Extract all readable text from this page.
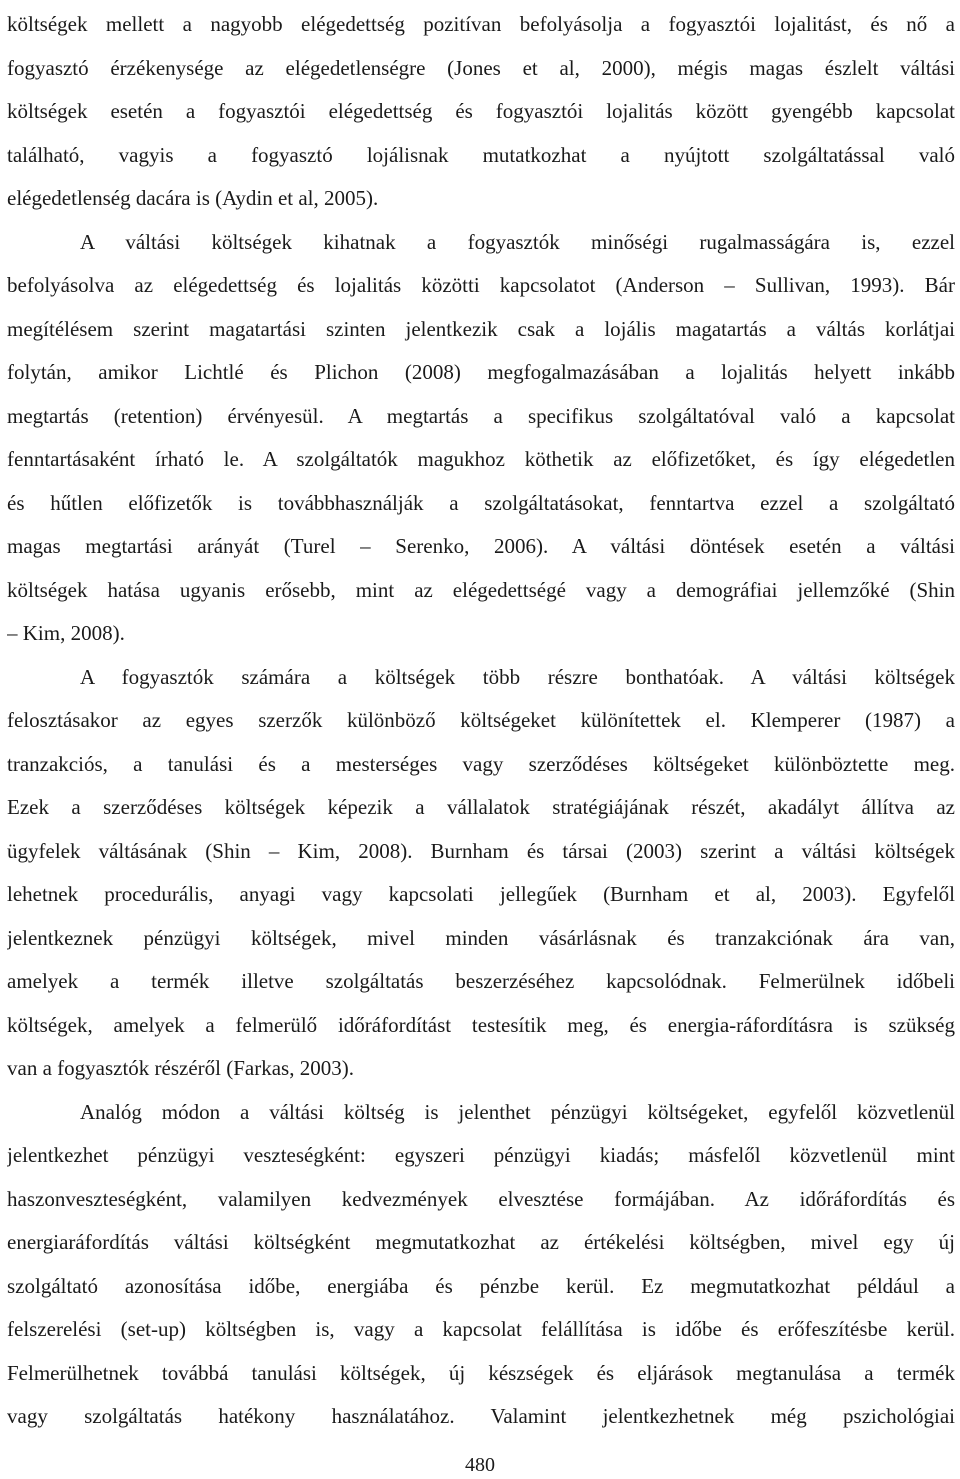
költségek mellett a nagyobb elégedettség pozitívan befolyásolja a fogyasztói lojalitást, és nő a
fogyasztó érzékenysége az elégedetlenségre (Jones et al, 2000), mégis magas észlelt váltási
költségek esetén a fogyasztói elégedettség és fogyasztói lojalitás között gyengébb kapcsolat
található, vagyis a fogyasztó lojálisnak mutatkozhat a nyújtott szolgáltatással való
elégedetlenség dacára is (Aydin et al, 2005).
A váltási költségek kihatnak a fogyasztók minőségi rugalmasságára is, ezzel
befolyásolva az elégedettség és lojalitás közötti kapcsolatot (Anderson – Sullivan, 1993). Bár
megítélésem szerint magatartási szinten jelentkezik csak a lojális magatartás a váltás korlátjai
folytán, amikor Lichtlé és Plichon (2008) megfogalmazásában a lojalitás helyett inkább
megtartás (retention) érvényesül. A megtartás a specifikus szolgáltatóval való a kapcsolat
fenntartásaként írható le. A szolgáltatók magukhoz köthetik az előfizetőket, és így elégedetlen
és hűtlen előfizetők is továbbhasználják a szolgáltatásokat, fenntartva ezzel a szolgáltató
magas megtartási arányát (Turel – Serenko, 2006). A váltási döntések esetén a váltási
költségek hatása ugyanis erősebb, mint az elégedettségé vagy a demográfiai jellemzőké (Shin
– Kim, 2008).
A fogyasztók számára a költségek több részre bonthatóak. A váltási költségek
felosztásakor az egyes szerzők különböző költségeket különítettek el. Klemperer (1987) a
tranzakciós, a tanulási és a mesterséges vagy szerződéses költségeket különböztette meg.
Ezek a szerződéses költségek képezik a vállalatok stratégiájának részét, akadályt állítva az
ügyfelek váltásának (Shin – Kim, 2008). Burnham és társai (2003) szerint a váltási költségek
lehetnek procedurális, anyagi vagy kapcsolati jellegűek (Burnham et al, 2003). Egyfelől
jelentkeznek pénzügyi költségek, mivel minden vásárlásnak és tranzakciónak ára van,
amelyek a termék illetve szolgáltatás beszerzéséhez kapcsolódnak. Felmerülnek időbeli
költségek, amelyek a felmerülő időráfordítást testesítik meg, és energia-ráfordításra is szükség
van a fogyasztók részéről (Farkas, 2003).
Analóg módon a váltási költség is jelenthet pénzügyi költségeket, egyfelől közvetlenül
jelentkezhet pénzügyi veszteségként: egyszeri pénzügyi kiadás; másfelől közvetlenül mint
haszonveszteségként, valamilyen kedvezmények elvesztése formájában. Az időráfordítás és
energiaráfordítás váltási költségként megmutatkozhat az értékelési költségben, mivel egy új
szolgáltató azonosítása időbe, energiába és pénzbe kerül. Ez megmutatkozhat például a
felszerelési (set-up) költségben is, vagy a kapcsolat felállítása is időbe és erőfeszítésbe kerül.
Felmerülhetnek továbbá tanulási költségek, új készségek és eljárások megtanulása a termék
vagy szolgáltatás hatékony használatához. Valamint jelentkezhetnek még pszichológiai
480
